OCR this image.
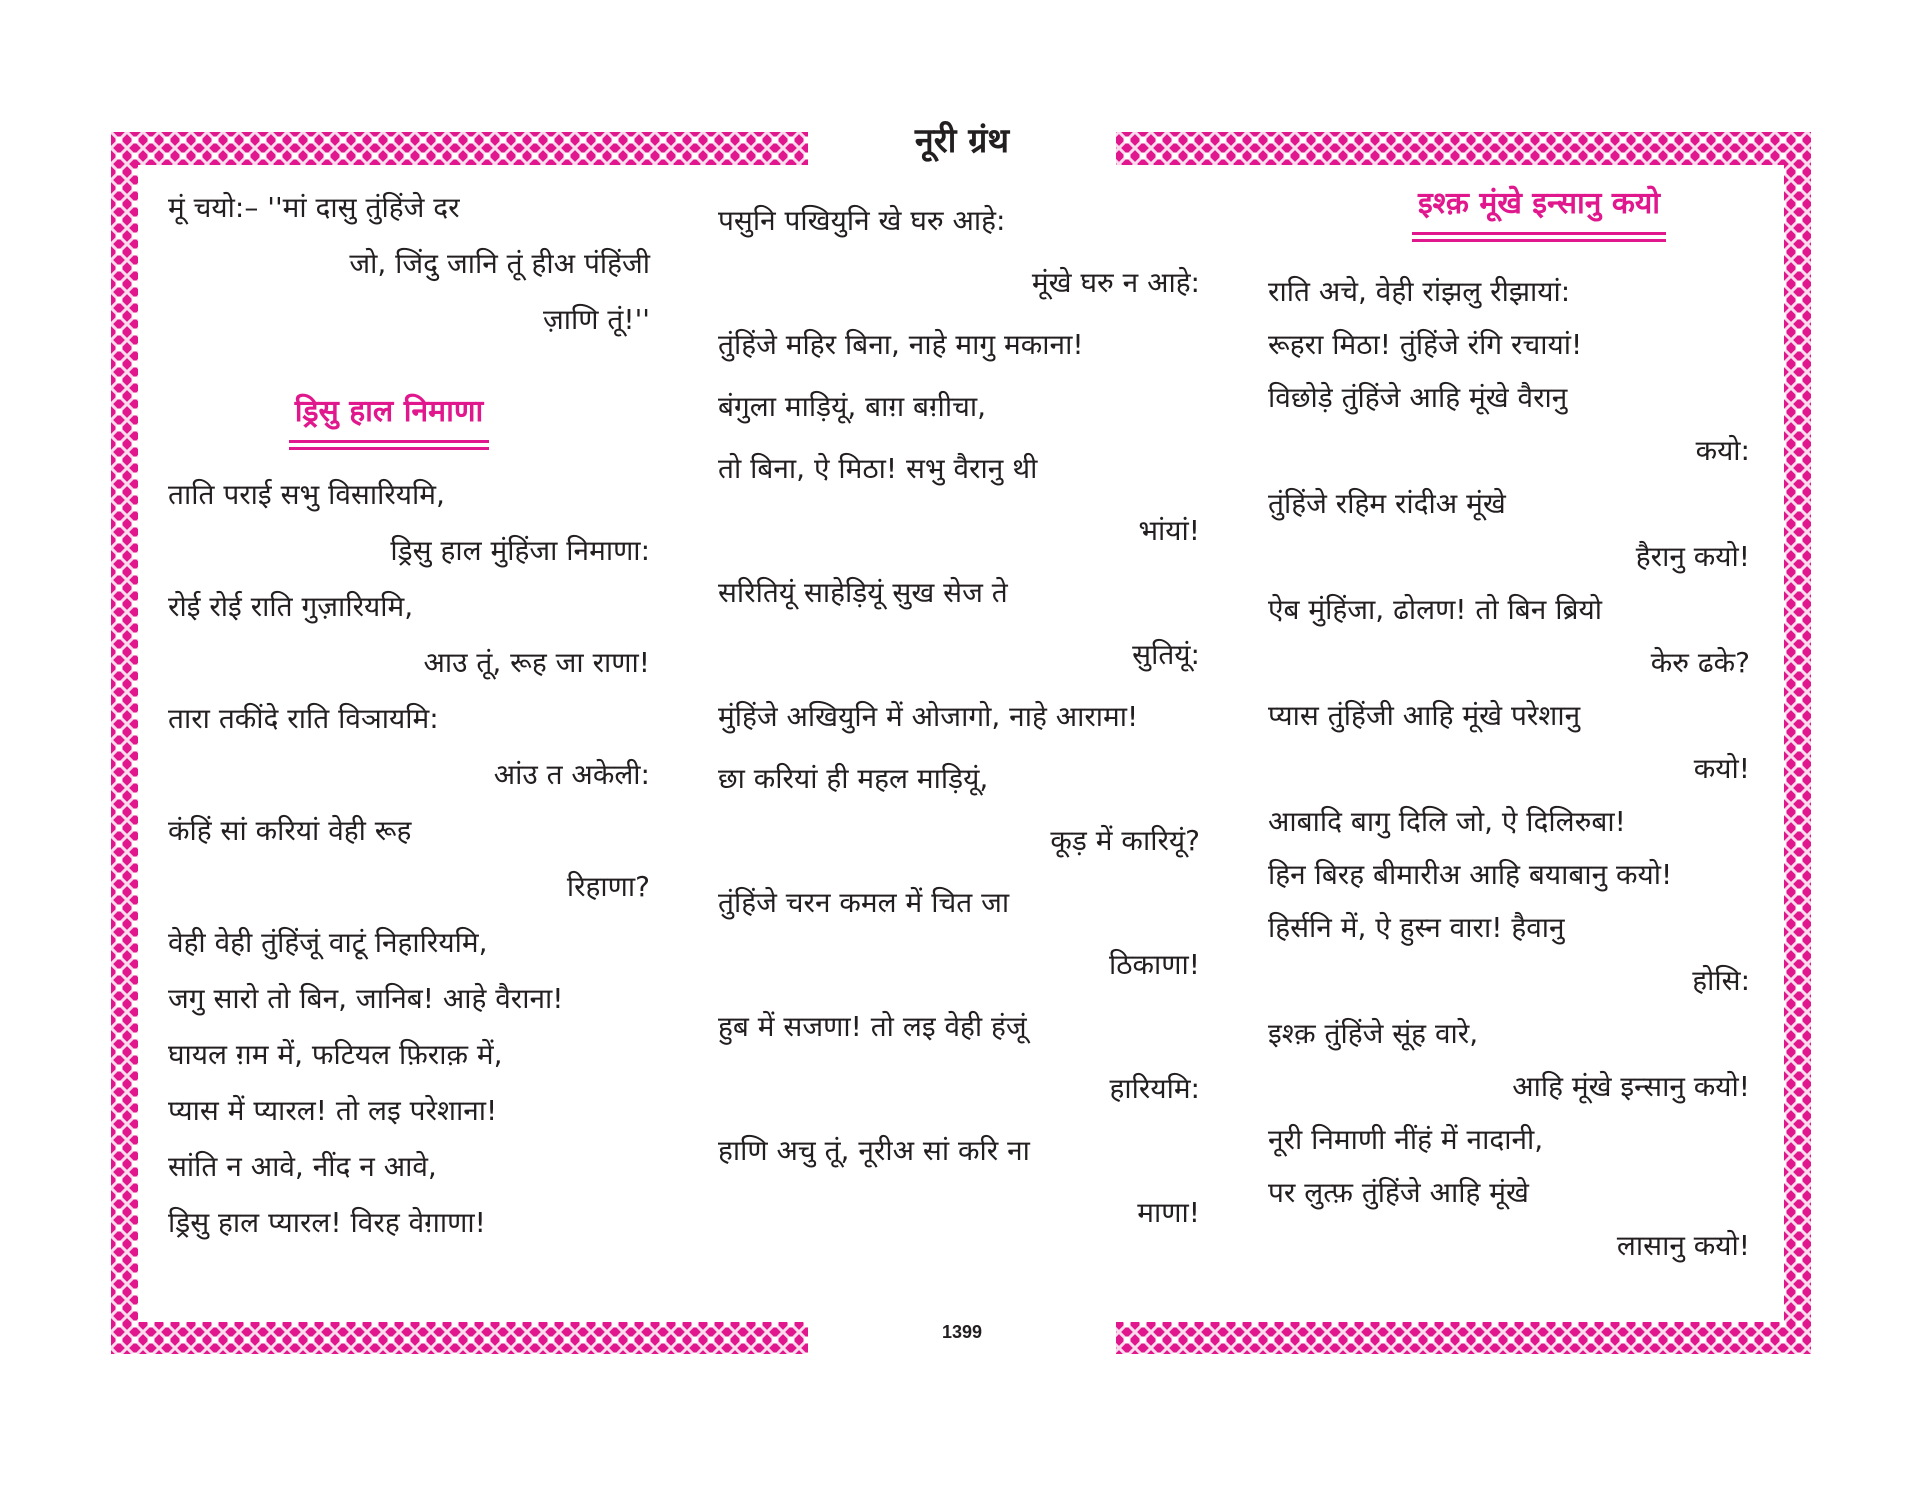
नूरी ग्रंथ
1399
मूं चयो:– ''मां दासु तुंहिंजे दर
जो, जिंदु जानि तूं हीअ पंहिंजी
ज़ाणि तूं!''
ड्रिसु हाल निमाणा
ताति पराई सभु विसारियमि,
ड्रिसु हाल मुंहिंजा निमाणा:
रोई रोई राति गुज़ारियमि,
आउ तूं, रूह जा राणा!
तारा तकींदे राति विञायमि:
आंउ त अकेली:
कंहिं सां करियां वेही रूह
रिहाणा?
वेही वेही तुंहिंजूं वाटूं निहारियमि,
जगु सारो तो बिन, जानिब! आहे वैराना!
घायल ग़म में, फटियल फ़िराक़ में,
प्यास में प्यारल! तो लइ परेशाना!
सांति न आवे, नींद न आवे,
ड्रिसु हाल प्यारल! विरह वेग़ाणा!
पसुनि पखियुनि खे घरु आहे:
मूंखे घरु न आहे:
तुंहिंजे महिर बिना, नाहे मागु मकाना!
बंगुला माड़ियूं, बाग़ बग़ीचा,
तो बिना, ऐ मिठा! सभु वैरानु थी
भांयां!
सरितियूं साहेड़ियूं सुख सेज ते
सुतियूं:
मुंहिंजे अखियुनि में ओजागो, नाहे आरामा!
छा करियां ही महल माड़ियूं,
कूड़ में कारियूं?
तुंहिंजे चरन कमल में चित जा
ठिकाणा!
हुब में सजणा! तो लइ वेही हंजूं
हारियमि:
हाणि अचु तूं, नूरीअ सां करि ना
माणा!
इश्क़ मूंखे इन्सानु कयो
राति अचे, वेही रांझलु रीझायां:
रूहरा मिठा! तुंहिंजे रंगि रचायां!
विछोड़े तुंहिंजे आहि मूंखे वैरानु
कयो:
तुंहिंजे रहिम रांदीअ मूंखे
हैरानु कयो!
ऐब मुंहिंजा, ढोलण! तो बिन ब्रियो
केरु ढके?
प्यास तुंहिंजी आहि मूंखे परेशानु
कयो!
आबादि बागु दिलि जो, ऐ दिलिरुबा!
हिन बिरह बीमारीअ आहि बयाबानु कयो!
हिर्सनि में, ऐ हुस्न वारा! हैवानु
होसि:
इश्क़ तुंहिंजे सूंह वारे,
आहि मूंखे इन्सानु कयो!
नूरी निमाणी नींहं में नादानी,
पर लुत्फ़ तुंहिंजे आहि मूंखे
लासानु कयो!
